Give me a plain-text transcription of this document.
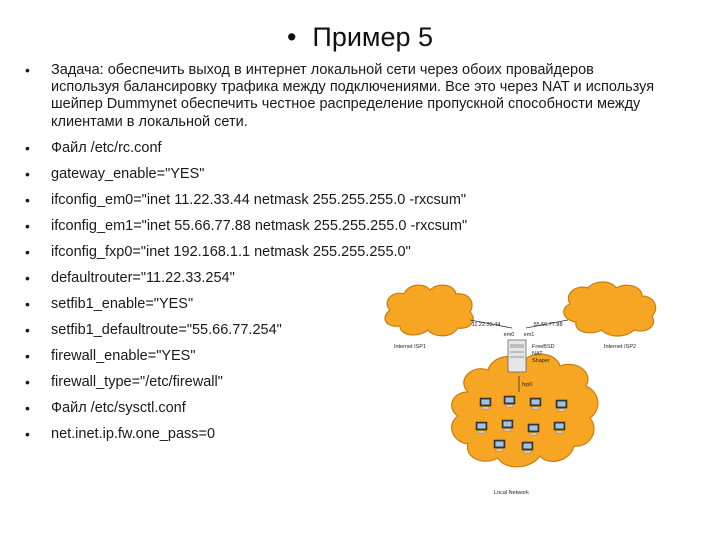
• Пример 5
• Задача: обеспечить выход в интернет локальной сети через обоих провайдеров используя балансировку трафика между подключениями. Все это через NAT и используя шейпер Dummynet обеспечить честное распределение пропускной способности между клиентами в локальной сети.
• Файл /etc/rc.conf
• gateway_enable="YES"
• ifconfig_em0="inet 11.22.33.44 netmask 255.255.255.0 -rxcsum"
• ifconfig_em1="inet 55.66.77.88 netmask 255.255.255.0 -rxcsum"
• ifconfig_fxp0="inet 192.168.1.1 netmask 255.255.255.0"
• defaultrouter="11.22.33.254"
• setfib1_enable="YES"
• setfib1_defaultroute="55.66.77.254"
• firewall_enable="YES"
• firewall_type="/etc/firewall"
• Файл /etc/sysctl.conf
• net.inet.ip.fw.one_pass=0
11.22.33.44	55.66.77.88
em0 em1
Internet ISP1	Internet ISP2
FreeBSD
NAT
Shaper
fxp0
Local Network
